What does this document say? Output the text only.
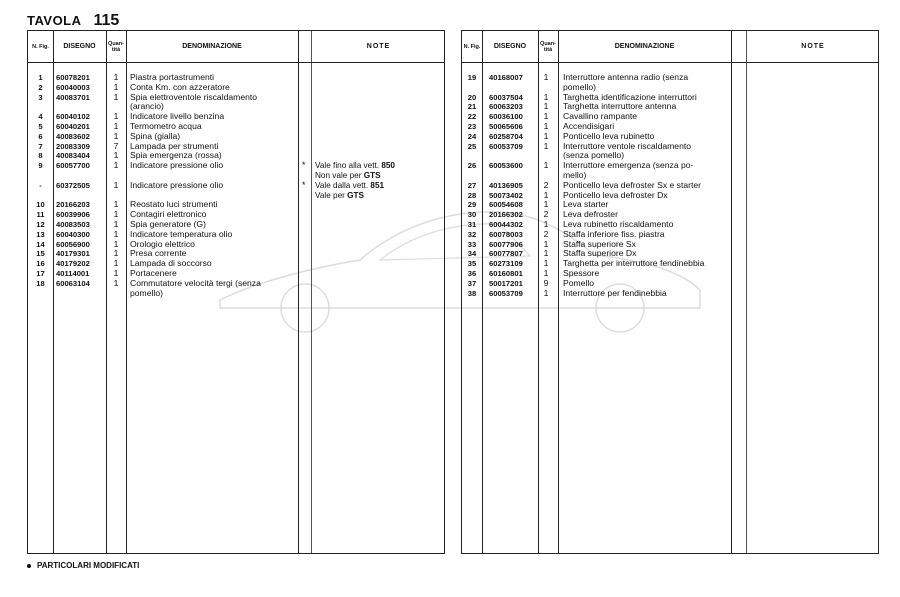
TAVOLA 115
N. Fig.	DISEGNO	Quan- tità	DENOMINAZIONE	NOTE
1	60078201	1	Piastra portastrumenti
2	60040003	1	Conta Km. con azzeratore
3	40083701	1	Spia elettroventole riscaldamento
(arancio)
4	60040102	1	Indicatore livello benzina
5	60040201	1	Termometro acqua
6	40083602	1	Spina (gialla)
7	20083309	7	Lampada per strumenti
8	40083404	1	Spia emergenza (rossa)
9	60057700	1	Indicatore pressione olio	* Vale fino alla vett. 850
Non vale per GTS
-	60372505	1	Indicatore pressione olio	* Vale dalla vett. 851
Vale per GTS
10	20166203	1	Reostato luci strumenti
11	60039906	1	Contagiri elettronico
12	40083503	1	Spia generatore (G)
13	60040300	1	Indicatore temperatura olio
14	60056900	1	Orologio elettrico
15	40179301	1	Presa corrente
16	40179202	1	Lampada di soccorso
17	40114001	1	Portacenere
18	60063104	1	Commutatore velocità tergi (senza
pomello)
N. Fig.	DISEGNO	Quan- tità	DENOMINAZIONE	NOTE
19	40168007	1	Interruttore antenna radio (senza
pomello)
20	60037504	1	Targhetta identificazione interruttori
21	60063203	1	Targhetta interruttore antenna
22	60036100	1	Cavallino rampante
23	50065606	1	Accendisigari
24	60258704	1	Ponticello leva rubinetto
25	60053709	1	Interruttore ventole riscaldamento
(senza pomello)
26	60053600	1	Interruttore emergenza (senza po-
mello)
27	40136905	2	Ponticello leva defroster Sx e starter
28	50073402	1	Ponticello leva defroster Dx
29	60054608	1	Leva starter
30	20166302	2	Leva defroster
31	60044302	1	Leva rubinetto riscaldamento
32	60078003	2	Staffa inferiore fiss. piastra
33	60077906	1	Staffa superiore Sx
34	60077807	1	Staffa superiore Dx
35	60273109	1	Targhetta per interruttore fendinebbia
36	60160801	1	Spessore
37	50017201	9	Pomello
38	60053709	1	Interruttore per fendinebbia
PARTICOLARI MODIFICATI
